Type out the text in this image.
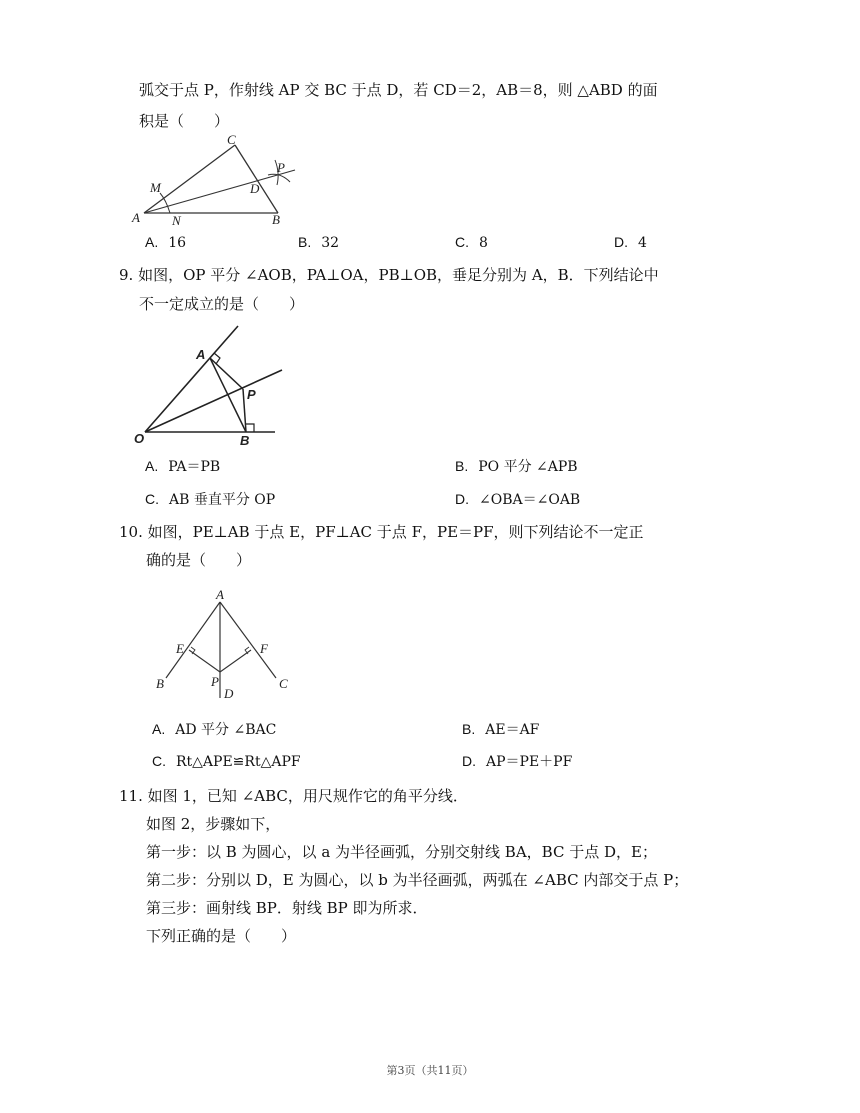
弧交于点 P，作射线 AP 交 BC 于点 D，若 CD＝2，AB＝8，则 △ABD 的面
积是（　　）
A	B
C
D
M
N
P
A. 16	B. 32	C. 8	D. 4
9. 如图，OP 平分 ∠AOB，PA⊥OA，PB⊥OB，垂足分别为 A，B．下列结论中
不一定成立的是（　　）
A
B
O
P
A. PA＝PB	B. PO 平分 ∠APB
C. AB 垂直平分 OP	D. ∠OBA＝∠OAB
10. 如图，PE⊥AB 于点 E，PF⊥AC 于点 F，PE＝PF，则下列结论不一定正
确的是（　　）
A
B	C
D
E	F
P
A. AD 平分 ∠BAC	B. AE＝AF
C. Rt△APE≌Rt△APF	D. AP＝PE＋PF
11. 如图 1，已知 ∠ABC，用尺规作它的角平分线．
如图 2，步骤如下，
第一步：以 B 为圆心，以 a 为半径画弧，分别交射线 BA，BC 于点 D，E；
第二步：分别以 D，E 为圆心，以 b 为半径画弧，两弧在 ∠ABC 内部交于点 P；
第三步：画射线 BP．射线 BP 即为所求．
下列正确的是（　　）
第3页（共11页）
